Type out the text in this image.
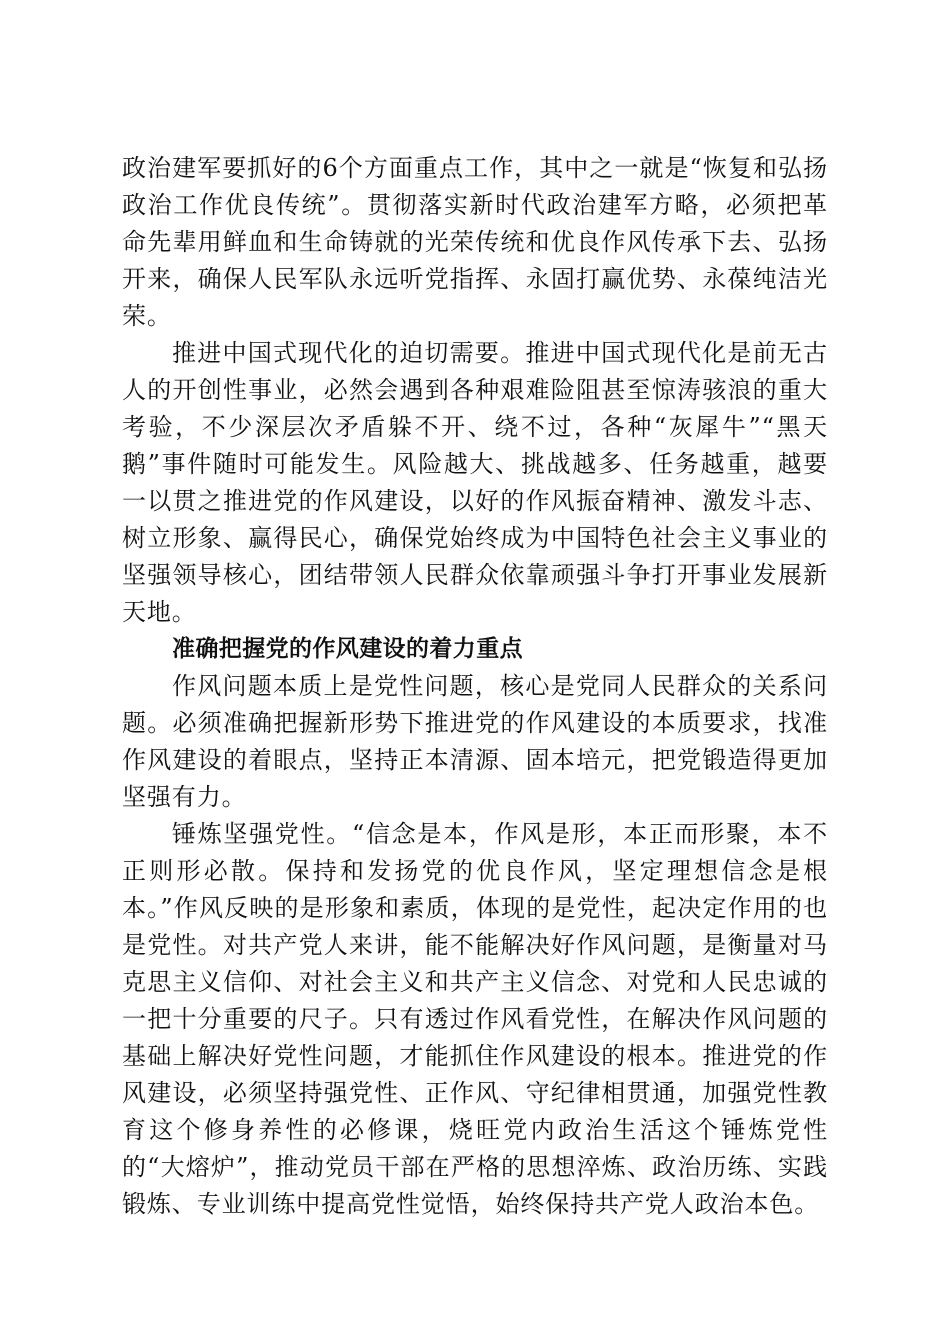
政治建军要抓好的6个方面重点工作，其中之一就是“恢复和弘扬政治工作优良传统”。贯彻落实新时代政治建军方略，必须把革命先辈用鲜血和生命铸就的光荣传统和优良作风传承下去、弘扬开来，确保人民军队永远听党指挥、永固打赢优势、永葆纯洁光荣。

推进中国式现代化的迫切需要。推进中国式现代化是前无古人的开创性事业，必然会遇到各种艰难险阻甚至惊涛骇浪的重大考验，不少深层次矛盾躲不开、绕不过，各种“灰犀牛”“黑天鹅”事件随时可能发生。风险越大、挑战越多、任务越重，越要一以贯之推进党的作风建设，以好的作风振奋精神、激发斗志、树立形象、赢得民心，确保党始终成为中国特色社会主义事业的坚强领导核心，团结带领人民群众依靠顽强斗争打开事业发展新天地。

准确把握党的作风建设的着力重点

作风问题本质上是党性问题，核心是党同人民群众的关系问题。必须准确把握新形势下推进党的作风建设的本质要求，找准作风建设的着眼点，坚持正本清源、固本培元，把党锻造得更加坚强有力。

锤炼坚强党性。“信念是本，作风是形，本正而形聚，本不正则形必散。保持和发扬党的优良作风，坚定理想信念是根本。”作风反映的是形象和素质，体现的是党性，起决定作用的也是党性。对共产党人来讲，能不能解决好作风问题，是衡量对马克思主义信仰、对社会主义和共产主义信念、对党和人民忠诚的一把十分重要的尺子。只有透过作风看党性，在解决作风问题的基础上解决好党性问题，才能抓住作风建设的根本。推进党的作风建设，必须坚持强党性、正作风、守纪律相贯通，加强党性教育这个修身养性的必修课，烧旺党内政治生活这个锤炼党性的“大熔炉”，推动党员干部在严格的思想淬炼、政治历练、实践锻炼、专业训练中提高党性觉悟，始终保持共产党人政治本色。
